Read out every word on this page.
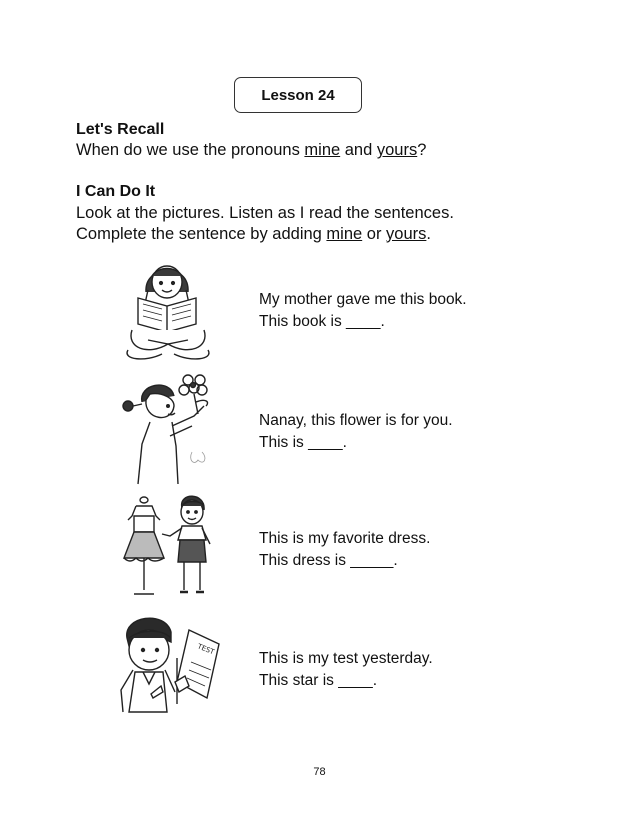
Lesson 24
Let's Recall
When do we use the pronouns mine and yours?
I Can Do It
Look at the pictures. Listen as I read the sentences.
Complete the sentence by adding mine or yours.
TEST
My mother gave me this book.
This book is ____.
Nanay, this flower is for you.
This is ____.
This is my favorite dress.
This dress is _____.
This is my test yesterday.
This star is ____.
78
